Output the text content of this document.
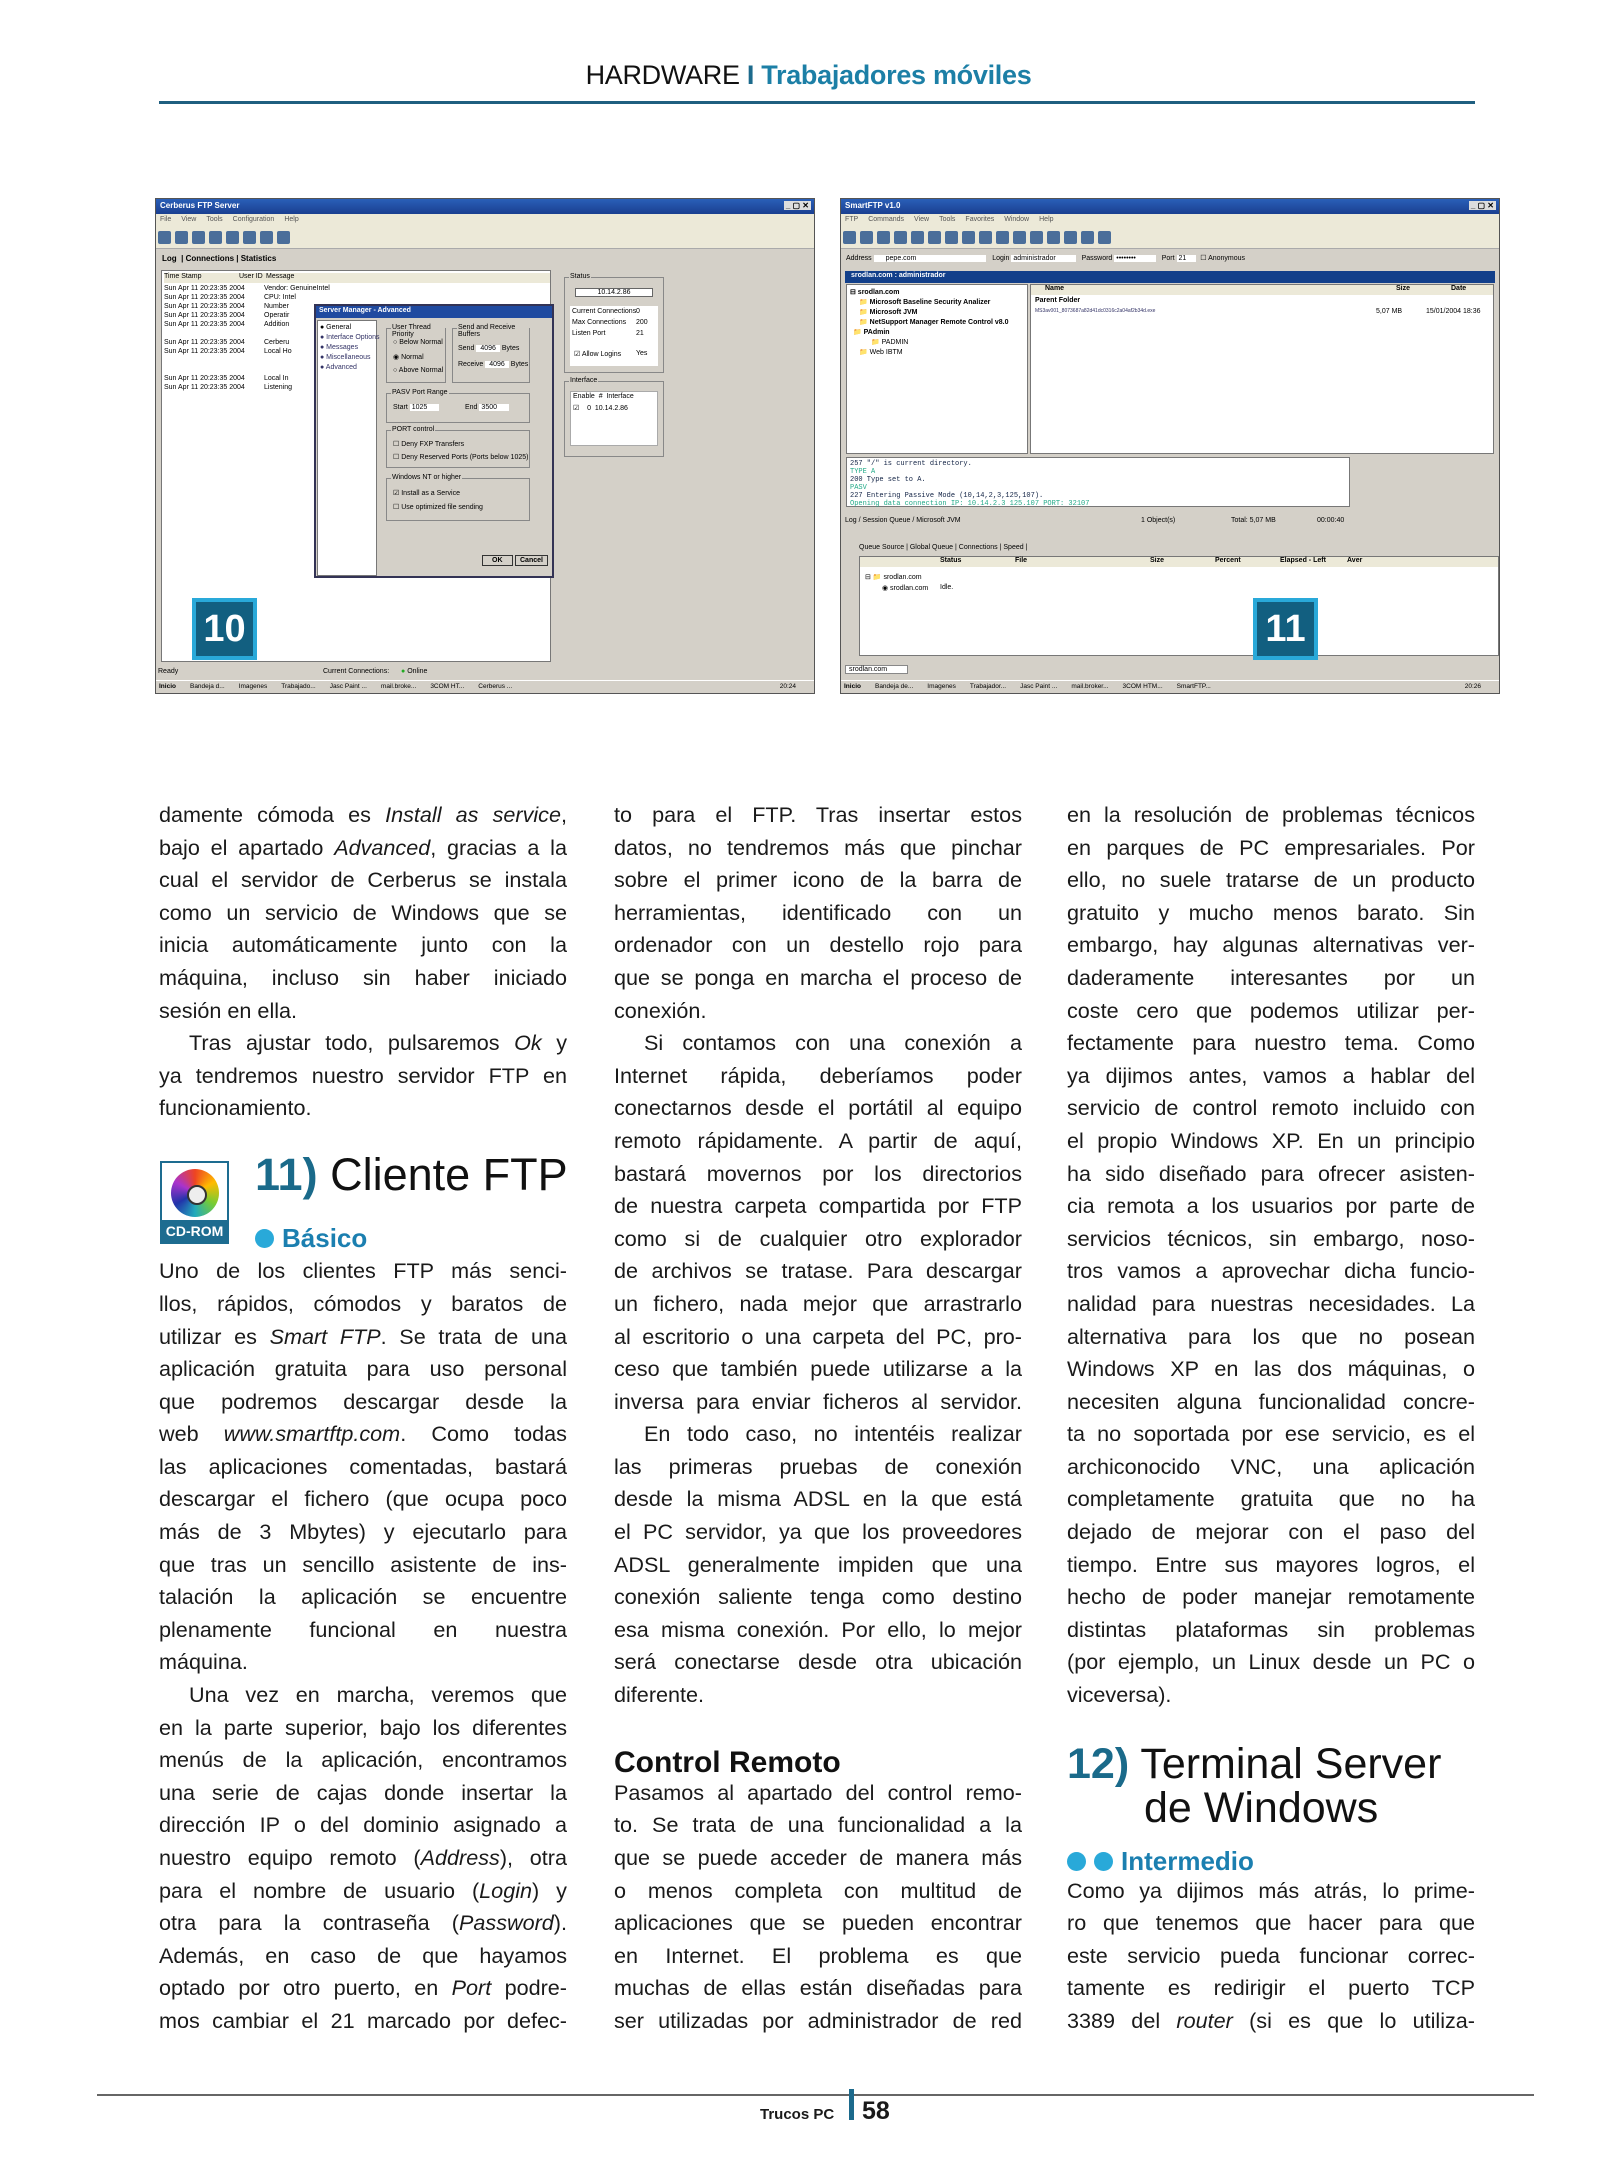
HARDWARE I Trabajadores móviles
Cerberus FTP Server	_ ▢ ✕
File View Tools Configuration Help
Log  | Connections | Statistics
Time Stamp	User ID Message
Sun Apr 11 20:23:35 2004	Vendor: GenuineIntel
Sun Apr 11 20:23:35 2004	CPU: Intel
Sun Apr 11 20:23:35 2004	Number
Sun Apr 11 20:23:35 2004	Operatir
Sun Apr 11 20:23:35 2004	Addition
Sun Apr 11 20:23:35 2004	Cerberu
Sun Apr 11 20:23:35 2004	Local Ho
Sun Apr 11 20:23:35 2004	Local In
Sun Apr 11 20:23:35 2004	Listening
Server Manager - Advanced
● General
● Interface Options
● Messages
● Miscellaneous
● Advanced
User Thread Priority
○ Below Normal
◉ Normal
○ Above Normal
Send and Receive Buffers
Send 4096 Bytes
Receive 4096 Bytes
PASV Port Range
Start 1025	End 3500
PORT control
☐ Deny FXP Transfers
☐ Deny Reserved Ports (Ports below 1025)
Windows NT or higher
☑ Install as a Service
☐ Use optimized file sending
OK	Cancel
Status
10.14.2.86
Current Connections 0
Max Connections 200
Listen Port	21
☑ Allow Logins Yes
Interface
Enable # Interface
☑    0 10.14.2.86
Ready	Current Connections: ● Online
Inicio Bandeja d... Imagenes Trabajado... Jasc Paint ... mail.broke... 3COM HT... Cerberus ...	20:24
10
SmartFTP v1.0	_ ▢ ✕
FTP Commands View Tools Favorites Window Help
Address pepe.com	Login administrador	Password ••••••••	Port 21  ☐ Anonymous
srodlan.com : administrador
⊟ srodlan.com
📁 Microsoft Baseline Security Analizer
📁 Microsoft JVM
📁 NetSupport Manager Remote Control v8.0
📁 PAdmin
📁 PADMIN
📁 Web IBTM
Name	Size	Date
Parent Folder
MS3av001_8073687a82d41dc0316c2a04af2b34d.exe	5,07 MB	15/01/2004 18:36
257 "/" is current directory.
TYPE A
200 Type set to A.
PASV
227 Entering Passive Mode (10,14,2,3,125,107).
Opening data connection IP: 10.14.2.3 125.107 PORT: 32107
Log / Session Queue / Microsoft JVM	1 Object(s)	Total: 5,07 MB	00:00:40
Queue Source | Global Queue | Connections | Speed |
Status	File	Size	Percent	Elapsed - Left	Aver
⊟ 📁 srodlan.com
◉ srodlan.com Idle.
srodlan.com
Inicio Bandeja de... Imagenes Trabajador... Jasc Paint ... mail.broker... 3COM HTM... SmartFTP...	20:26
11
damente cómoda es Install as service,
bajo el apartado Advanced, gracias a la
cual el servidor de Cerberus se instala
como un servicio de Windows que se
inicia automáticamente junto con la
máquina, incluso sin haber iniciado
sesión en ella.
Tras ajustar todo, pulsaremos Ok y
ya tendremos nuestro servidor FTP en
funcionamiento.
CD-ROM
11) Cliente FTP
Básico
Uno de los clientes FTP más senci-
llos, rápidos, cómodos y baratos de
utilizar es Smart FTP. Se trata de una
aplicación gratuita para uso personal
que podremos descargar desde la
web www.smartftp.com. Como todas
las aplicaciones comentadas, bastará
descargar el fichero (que ocupa poco
más de 3 Mbytes) y ejecutarlo para
que tras un sencillo asistente de ins-
talación la aplicación se encuentre
plenamente funcional en nuestra
máquina.
Una vez en marcha, veremos que
en la parte superior, bajo los diferentes
menús de la aplicación, encontramos
una serie de cajas donde insertar la
dirección IP o del dominio asignado a
nuestro equipo remoto (Address), otra
para el nombre de usuario (Login) y
otra para la contraseña (Password).
Además, en caso de que hayamos
optado por otro puerto, en Port podre-
mos cambiar el 21 marcado por defec-
to para el FTP. Tras insertar estos
datos, no tendremos más que pinchar
sobre el primer icono de la barra de
herramientas, identificado con un
ordenador con un destello rojo para
que se ponga en marcha el proceso de
conexión.
Si contamos con una conexión a
Internet rápida, deberíamos poder
conectarnos desde el portátil al equipo
remoto rápidamente. A partir de aquí,
bastará movernos por los directorios
de nuestra carpeta compartida por FTP
como si de cualquier otro explorador
de archivos se tratase. Para descargar
un fichero, nada mejor que arrastrarlo
al escritorio o una carpeta del PC, pro-
ceso que también puede utilizarse a la
inversa para enviar ficheros al servidor.
En todo caso, no intentéis realizar
las primeras pruebas de conexión
desde la misma ADSL en la que está
el PC servidor, ya que los proveedores
ADSL generalmente impiden que una
conexión saliente tenga como destino
esa misma conexión. Por ello, lo mejor
será conectarse desde otra ubicación
diferente.
Control Remoto
Pasamos al apartado del control remo-
to. Se trata de una funcionalidad a la
que se puede acceder de manera más
o menos completa con multitud de
aplicaciones que se pueden encontrar
en Internet. El problema es que
muchas de ellas están diseñadas para
ser utilizadas por administrador de red
en la resolución de problemas técnicos
en parques de PC empresariales. Por
ello, no suele tratarse de un producto
gratuito y mucho menos barato. Sin
embargo, hay algunas alternativas ver-
daderamente interesantes por un
coste cero que podemos utilizar per-
fectamente para nuestro tema. Como
ya dijimos antes, vamos a hablar del
servicio de control remoto incluido con
el propio Windows XP. En un principio
ha sido diseñado para ofrecer asisten-
cia remota a los usuarios por parte de
servicios técnicos, sin embargo, noso-
tros vamos a aprovechar dicha funcio-
nalidad para nuestras necesidades. La
alternativa para los que no posean
Windows XP en las dos máquinas, o
necesiten alguna funcionalidad concre-
ta no soportada por ese servicio, es el
archiconocido VNC, una aplicación
completamente gratuita que no ha
dejado de mejorar con el paso del
tiempo. Entre sus mayores logros, el
hecho de poder manejar remotamente
distintas plataformas sin problemas
(por ejemplo, un Linux desde un PC o
viceversa).
12) Terminal Server
de Windows
Intermedio
Como ya dijimos más atrás, lo prime-
ro que tenemos que hacer para que
este servicio pueda funcionar correc-
tamente es redirigir el puerto TCP
3389 del router (si es que lo utiliza-
Trucos PC 58
